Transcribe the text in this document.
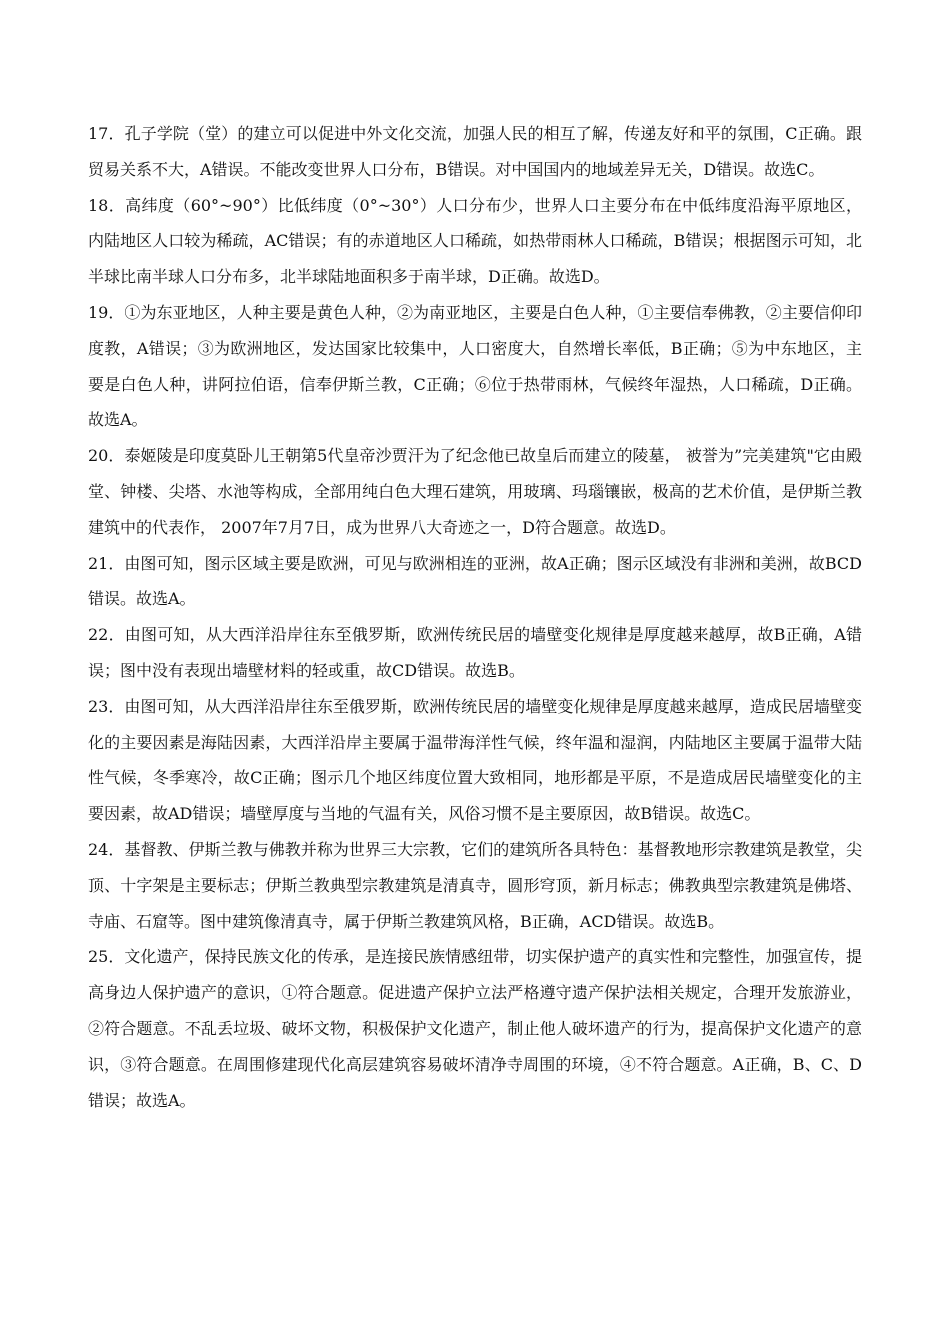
17．孔子学院（堂）的建立可以促进中外文化交流，加强人民的相互了解，传递友好和平的氛围，C正确。跟贸易关系不大，A错误。不能改变世界人口分布，B错误。对中国国内的地域差异无关，D错误。故选C。

18．高纬度（60°~90°）比低纬度（0°~30°）人口分布少，世界人口主要分布在中低纬度沿海平原地区，内陆地区人口较为稀疏，AC错误；有的赤道地区人口稀疏，如热带雨林人口稀疏，B错误；根据图示可知，北半球比南半球人口分布多，北半球陆地面积多于南半球，D正确。故选D。

19．①为东亚地区，人种主要是黄色人种，②为南亚地区，主要是白色人种，①主要信奉佛教，②主要信仰印度教，A错误；③为欧洲地区，发达国家比较集中，人口密度大，自然增长率低，B正确；⑤为中东地区，主要是白色人种，讲阿拉伯语，信奉伊斯兰教，C正确；⑥位于热带雨林，气候终年湿热，人口稀疏，D正确。故选A。

20．泰姬陵是印度莫卧儿王朝第5代皇帝沙贾汗为了纪念他已故皇后而建立的陵墓， 被誉为”完美建筑"它由殿堂、钟楼、尖塔、水池等构成，全部用纯白色大理石建筑，用玻璃、玛瑙镶嵌，极高的艺术价值，是伊斯兰教建筑中的代表作， 2007年7月7日，成为世界八大奇迹之一，D符合题意。故选D。

21．由图可知，图示区域主要是欧洲，可见与欧洲相连的亚洲，故A正确；图示区域没有非洲和美洲，故BCD错误。故选A。

22．由图可知，从大西洋沿岸往东至俄罗斯，欧洲传统民居的墙壁变化规律是厚度越来越厚，故B正确，A错误；图中没有表现出墙壁材料的轻或重，故CD错误。故选B。

23．由图可知，从大西洋沿岸往东至俄罗斯，欧洲传统民居的墙壁变化规律是厚度越来越厚，造成民居墙壁变化的主要因素是海陆因素，大西洋沿岸主要属于温带海洋性气候，终年温和湿润，内陆地区主要属于温带大陆性气候，冬季寒冷，故C正确；图示几个地区纬度位置大致相同，地形都是平原，不是造成居民墙壁变化的主要因素，故AD错误；墙壁厚度与当地的气温有关，风俗习惯不是主要原因，故B错误。故选C。

24．基督教、伊斯兰教与佛教并称为世界三大宗教，它们的建筑所各具特色：基督教地形宗教建筑是教堂，尖顶、十字架是主要标志；伊斯兰教典型宗教建筑是清真寺，圆形穹顶，新月标志；佛教典型宗教建筑是佛塔、寺庙、石窟等。图中建筑像清真寺，属于伊斯兰教建筑风格，B正确，ACD错误。故选B。

25．文化遗产，保持民族文化的传承，是连接民族情感纽带，切实保护遗产的真实性和完整性，加强宣传，提高身边人保护遗产的意识，①符合题意。促进遗产保护立法严格遵守遗产保护法相关规定，合理开发旅游业，②符合题意。不乱丢垃圾、破坏文物，积极保护文化遗产，制止他人破坏遗产的行为，提高保护文化遗产的意识，③符合题意。在周围修建现代化高层建筑容易破坏清净寺周围的环境，④不符合题意。A正确，B、C、D错误；故选A。
